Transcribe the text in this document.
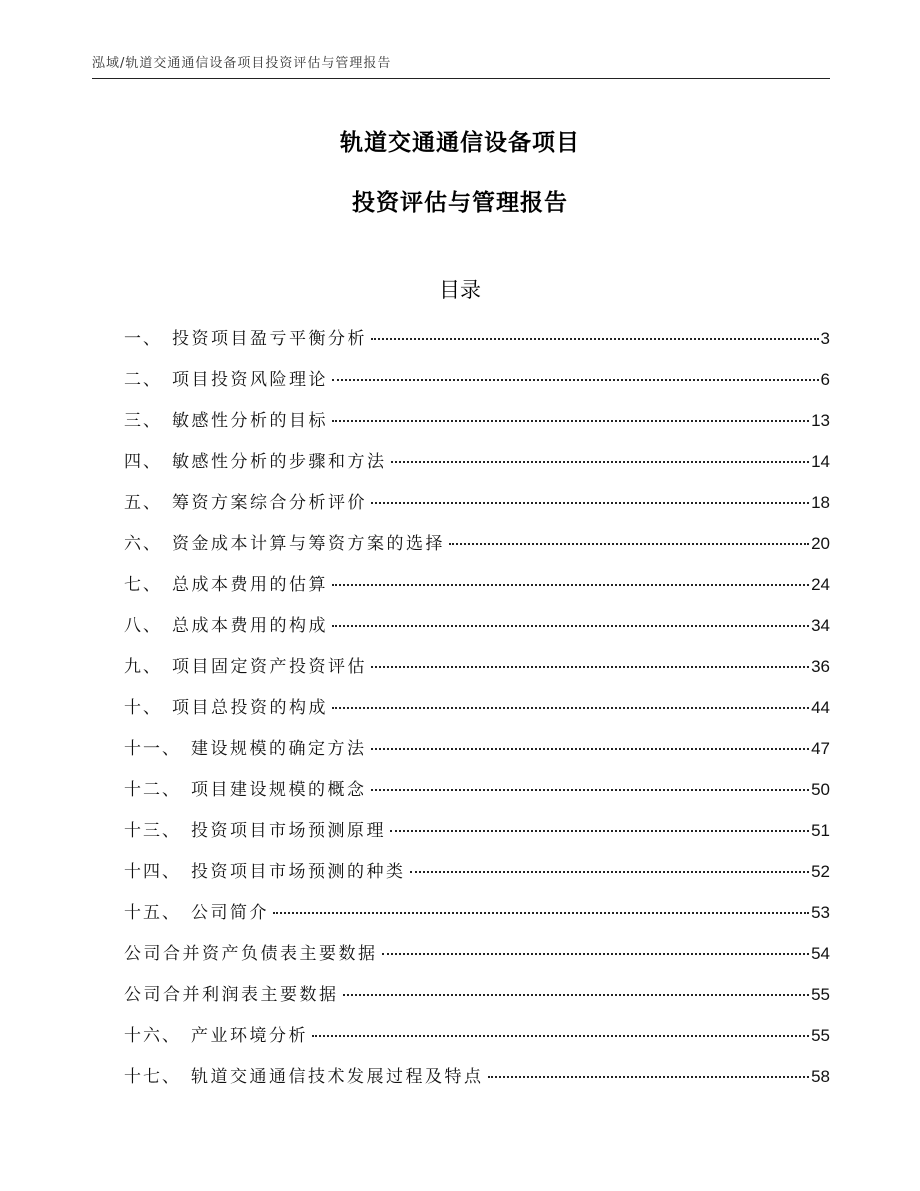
泓域/轨道交通通信设备项目投资评估与管理报告
轨道交通通信设备项目
投资评估与管理报告
目录
一、 投资项目盈亏平衡分析	3
二、 项目投资风险理论	6
三、 敏感性分析的目标	13
四、 敏感性分析的步骤和方法	14
五、 筹资方案综合分析评价	18
六、 资金成本计算与筹资方案的选择	20
七、 总成本费用的估算	24
八、 总成本费用的构成	34
九、 项目固定资产投资评估	36
十、 项目总投资的构成	44
十一、 建设规模的确定方法	47
十二、 项目建设规模的概念	50
十三、 投资项目市场预测原理	51
十四、 投资项目市场预测的种类	52
十五、 公司简介	53
公司合并资产负债表主要数据	54
公司合并利润表主要数据	55
十六、 产业环境分析	55
十七、 轨道交通通信技术发展过程及特点	58
